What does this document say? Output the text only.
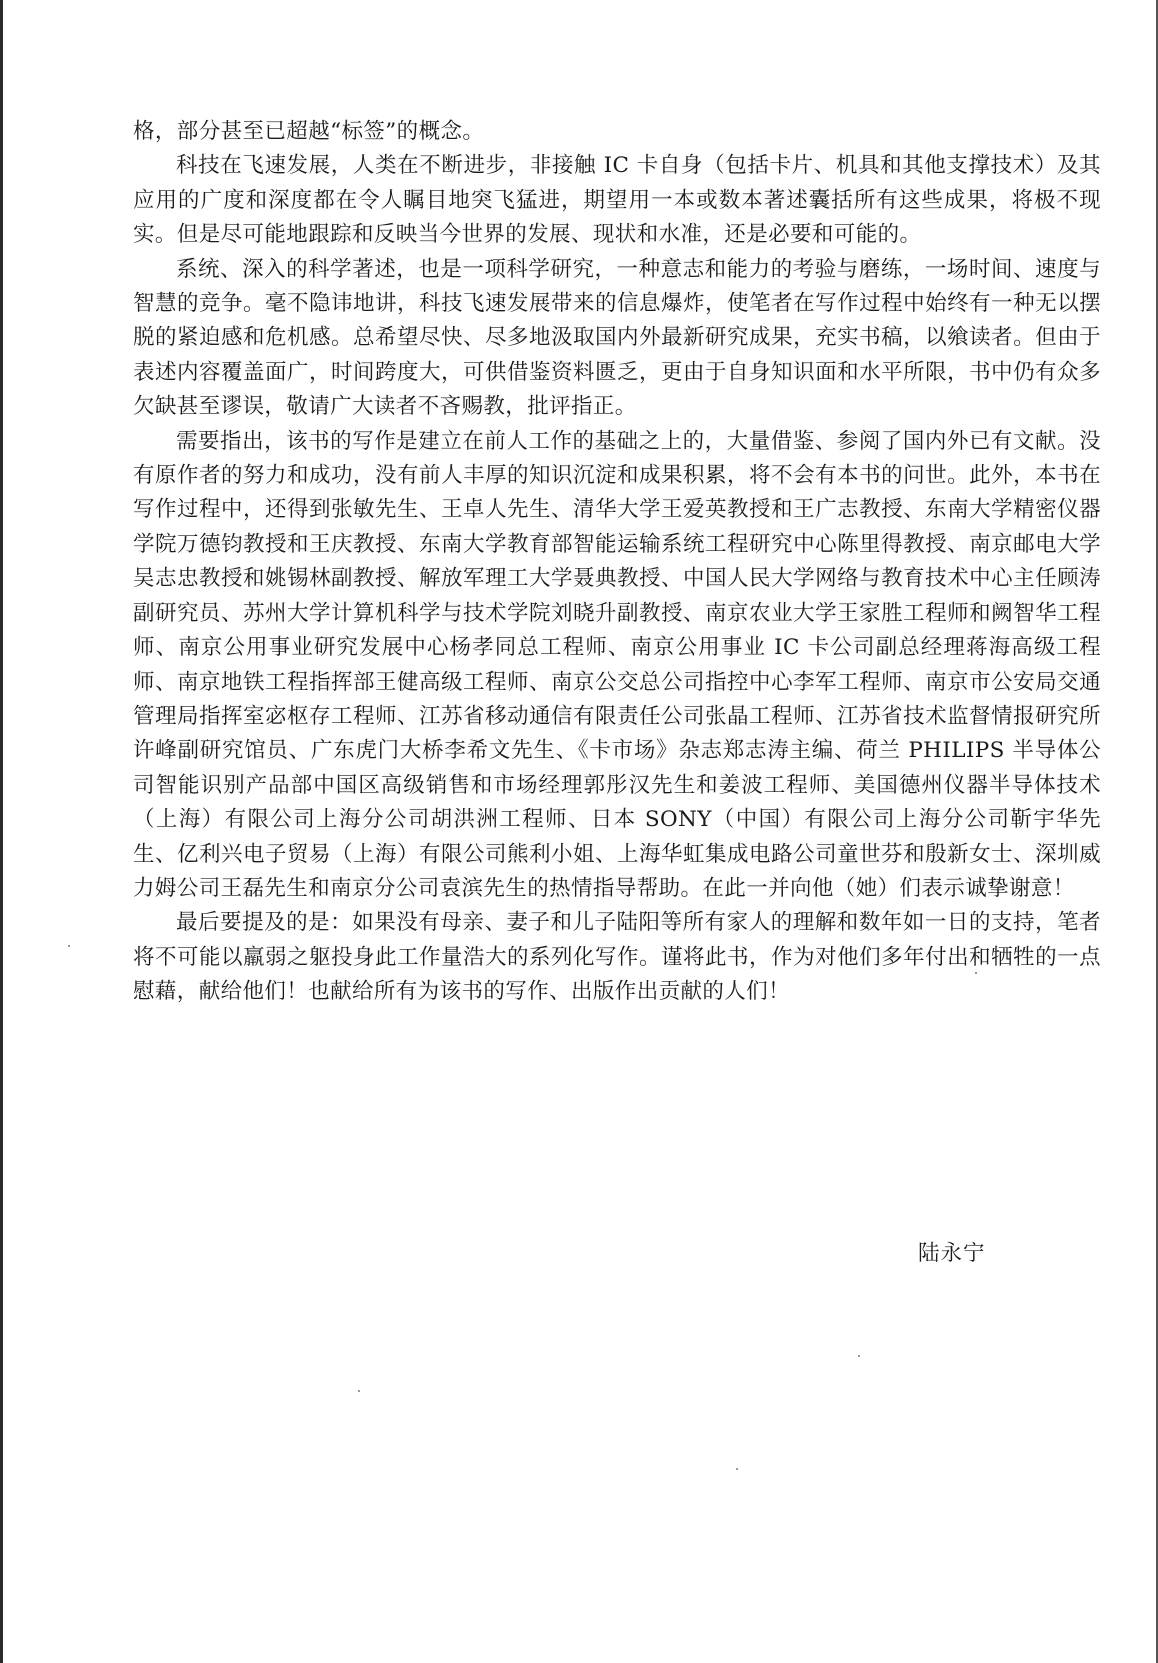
格，部分甚至已超越“标签”的概念。

科技在飞速发展，人类在不断进步，非接触 IC 卡自身（包括卡片、机具和其他支撑技术）及其应用的广度和深度都在令人瞩目地突飞猛进，期望用一本或数本著述囊括所有这些成果，将极不现实。但是尽可能地跟踪和反映当今世界的发展、现状和水准，还是必要和可能的。

系统、深入的科学著述，也是一项科学研究，一种意志和能力的考验与磨练，一场时间、速度与智慧的竞争。毫不隐讳地讲，科技飞速发展带来的信息爆炸，使笔者在写作过程中始终有一种无以摆脱的紧迫感和危机感。总希望尽快、尽多地汲取国内外最新研究成果，充实书稿，以飨读者。但由于表述内容覆盖面广，时间跨度大，可供借鉴资料匮乏，更由于自身知识面和水平所限，书中仍有众多欠缺甚至谬误，敬请广大读者不吝赐教，批评指正。

需要指出，该书的写作是建立在前人工作的基础之上的，大量借鉴、参阅了国内外已有文献。没有原作者的努力和成功，没有前人丰厚的知识沉淀和成果积累，将不会有本书的问世。此外，本书在写作过程中，还得到张敏先生、王卓人先生、清华大学王爱英教授和王广志教授、东南大学精密仪器学院万德钧教授和王庆教授、东南大学教育部智能运输系统工程研究中心陈里得教授、南京邮电大学吴志忠教授和姚锡林副教授、解放军理工大学聂典教授、中国人民大学网络与教育技术中心主任顾涛副研究员、苏州大学计算机科学与技术学院刘晓升副教授、南京农业大学王家胜工程师和阙智华工程师、南京公用事业研究发展中心杨孝同总工程师、南京公用事业 IC 卡公司副总经理蒋海高级工程师、南京地铁工程指挥部王健高级工程师、南京公交总公司指控中心李军工程师、南京市公安局交通管理局指挥室宓枢存工程师、江苏省移动通信有限责任公司张晶工程师、江苏省技术监督情报研究所许峰副研究馆员、广东虎门大桥李希文先生、《卡市场》杂志郑志涛主编、荷兰 PHILIPS 半导体公司智能识别产品部中国区高级销售和市场经理郭彤汉先生和姜波工程师、美国德州仪器半导体技术（上海）有限公司上海分公司胡洪洲工程师、日本 SONY（中国）有限公司上海分公司靳宇华先生、亿利兴电子贸易（上海）有限公司熊利小姐、上海华虹集成电路公司童世芬和殷新女士、深圳威力姆公司王磊先生和南京分公司袁滨先生的热情指导帮助。在此一并向他（她）们表示诚挚谢意！

最后要提及的是：如果没有母亲、妻子和儿子陆阳等所有家人的理解和数年如一日的支持，笔者将不可能以羸弱之躯投身此工作量浩大的系列化写作。谨将此书，作为对他们多年付出和牺牲的一点慰藉，献给他们！也献给所有为该书的写作、出版作出贡献的人们！

陆永宁
